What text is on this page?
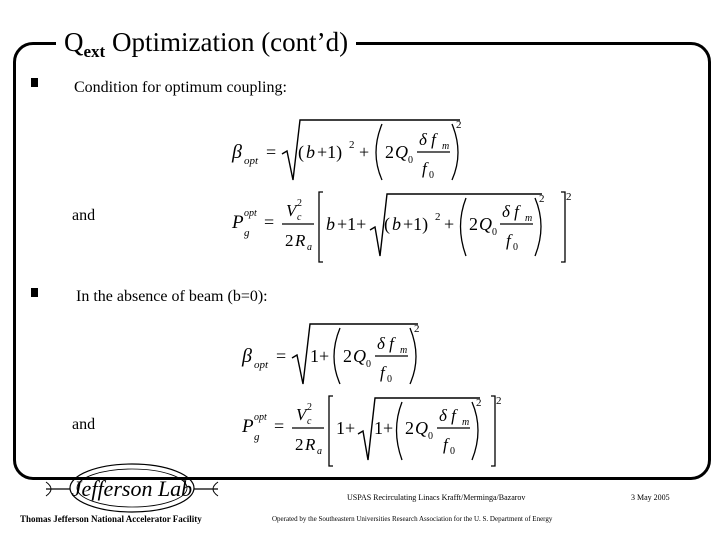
$Q_{ext}$ Optimization (cont’d)
Condition for optimum coupling:
β opt = ( b +1) 2 + 2 Q 0
δ f m
f 0
2
and	P opt
g
=
V 2
c
2 R a
b +1+ ( b +1) 2 + 2 Q 0
δ f m
f 0
2 2
In the absence of beam (b=0):
β opt = 1+ 2 Q 0
δ f m
f 0
2
and	P opt
g
=
V 2
c
2 R a
1+ 1+ 2 Q 0
δ f m
f 0
2 2
Jefferson Lab	USPAS Recirculating Linacs Krafft/Merminga/Bazarov	3 May 2005
Thomas Jefferson National Accelerator Facility	Operated by the Southeastern Universities Research Association for the U. S. Department of Energy
